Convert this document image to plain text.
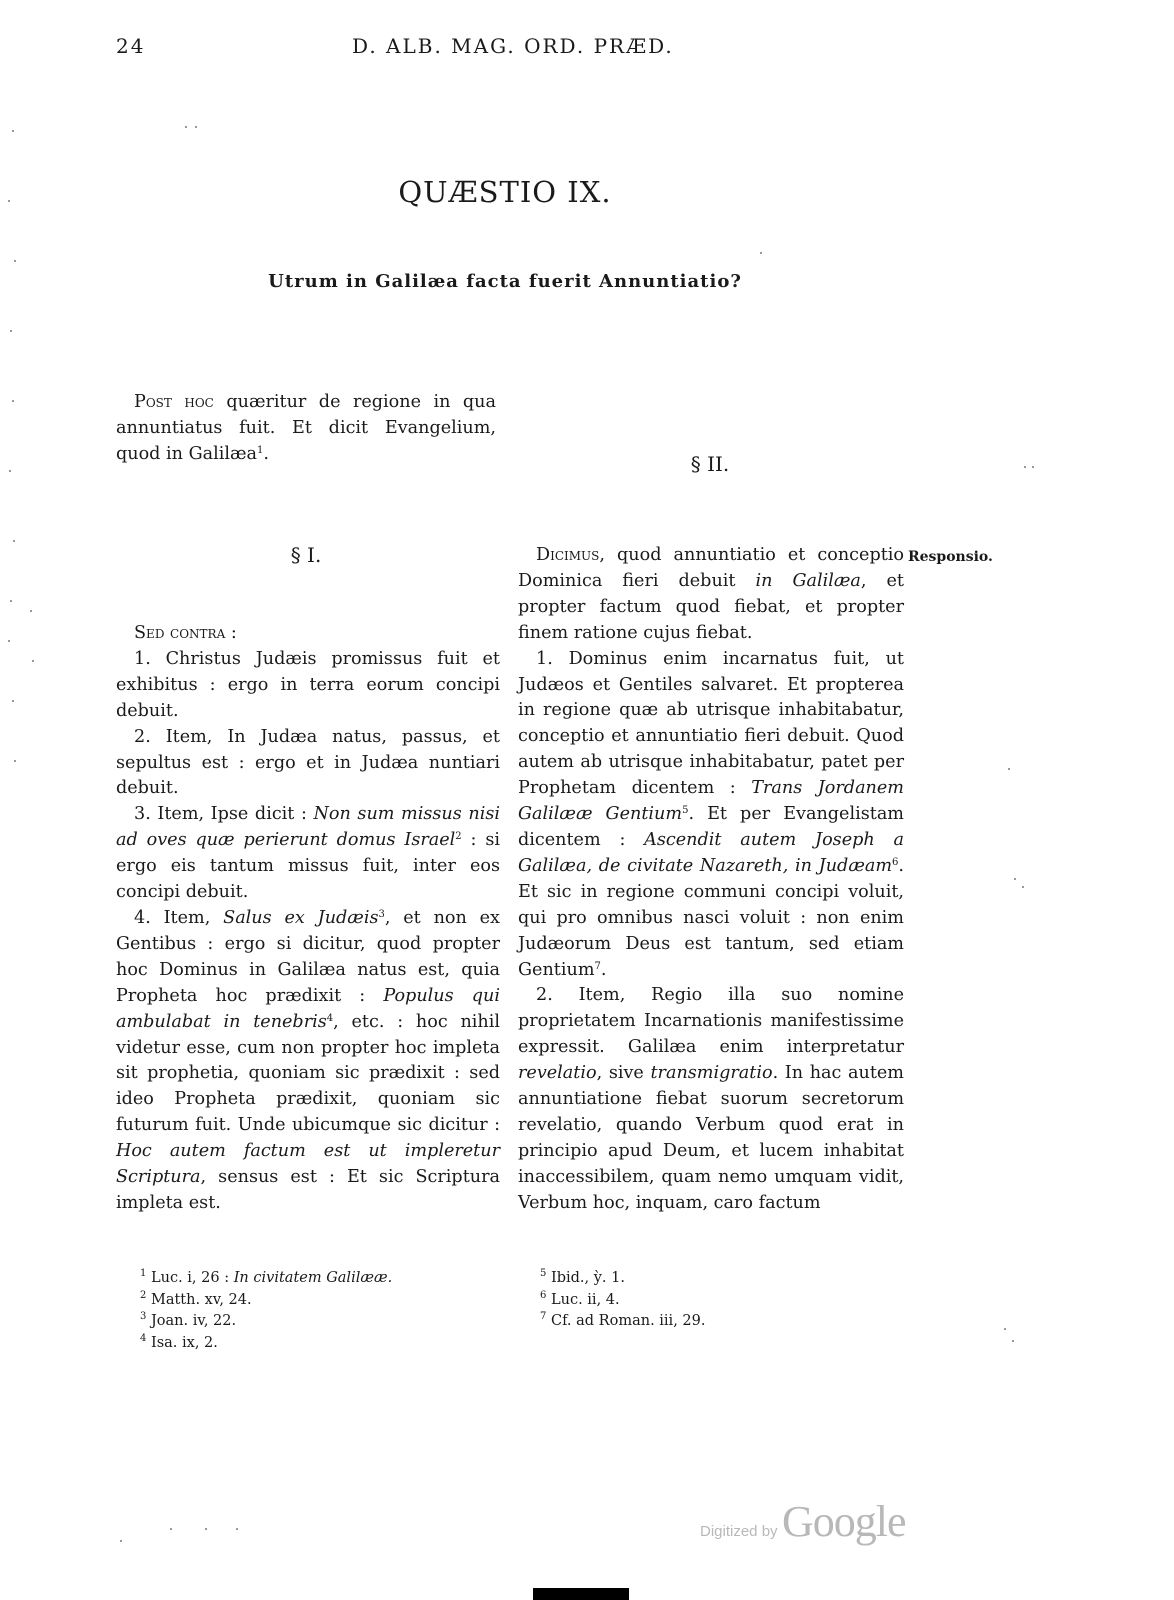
24	D. ALB. MAG. ORD. PRÆD.
QUÆSTIO IX.
Utrum in Galilæa facta fuerit Annuntiatio?

Post hoc quæritur de regione in qua annuntiatus fuit. Et dicit Evangelium, quod in Galilæa$^1$.

§ I.

Sed contra :

1. Christus Judæis promissus fuit et exhibitus : ergo in terra eorum concipi debuit.

2. Item, In Judæa natus, passus, et sepultus est : ergo et in Judæa nuntiari debuit.

3. Item, Ipse dicit : Non sum missus nisi ad oves quæ perierunt domus Israel$^2$ : si ergo eis tantum missus fuit, inter eos concipi debuit.

4. Item, Salus ex Judæis$^3$, et non ex Gentibus : ergo si dicitur, quod propter hoc Dominus in Galilæa natus est, quia Propheta hoc prædixit : Populus qui ambulabat in tenebris$^4$, etc. : hoc nihil videtur esse, cum non propter hoc impleta sit prophetia, quoniam sic prædixit : sed ideo Propheta prædixit, quoniam sic futurum fuit. Unde ubicumque sic dicitur : Hoc autem factum est ut impleretur Scriptura, sensus est : Et sic Scriptura impleta est.

§ II.
Responsio.

Dicimus, quod annuntiatio et conceptio Dominica fieri debuit in Galilæa, et propter factum quod fiebat, et propter finem ratione cujus fiebat.

1. Dominus enim incarnatus fuit, ut Judæos et Gentiles salvaret. Et propterea in regione quæ ab utrisque inhabitabatur, conceptio et annuntiatio fieri debuit. Quod autem ab utrisque inhabitabatur, patet per Prophetam dicentem : Trans Jordanem Galilææ Gentium$^5$. Et per Evangelistam dicentem : Ascendit autem Joseph a Galilæa, de civitate Nazareth, in Judæam$^6$. Et sic in regione communi concipi voluit, qui pro omnibus nasci voluit : non enim Judæorum Deus est tantum, sed etiam Gentium$^7$.

2. Item, Regio illa suo nomine proprietatem Incarnationis manifestissime expressit. Galilæa enim interpretatur revelatio, sive transmigratio. In hac autem annuntiatione fiebat suorum secretorum revelatio, quando Verbum quod erat in principio apud Deum, et lucem inhabitat inaccessibilem, quam nemo umquam vidit, Verbum hoc, inquam, caro factum

$^1$ Luc. i, 26 : In civitatem Galilææ.
$^2$ Matth. xv, 24.
$^3$ Joan. iv, 22.
$^4$ Isa. ix, 2.
$^5$ Ibid., ỳ. 1.
$^6$ Luc. ii, 4.
$^7$ Cf. ad Roman. iii, 29.
Digitized by Google
